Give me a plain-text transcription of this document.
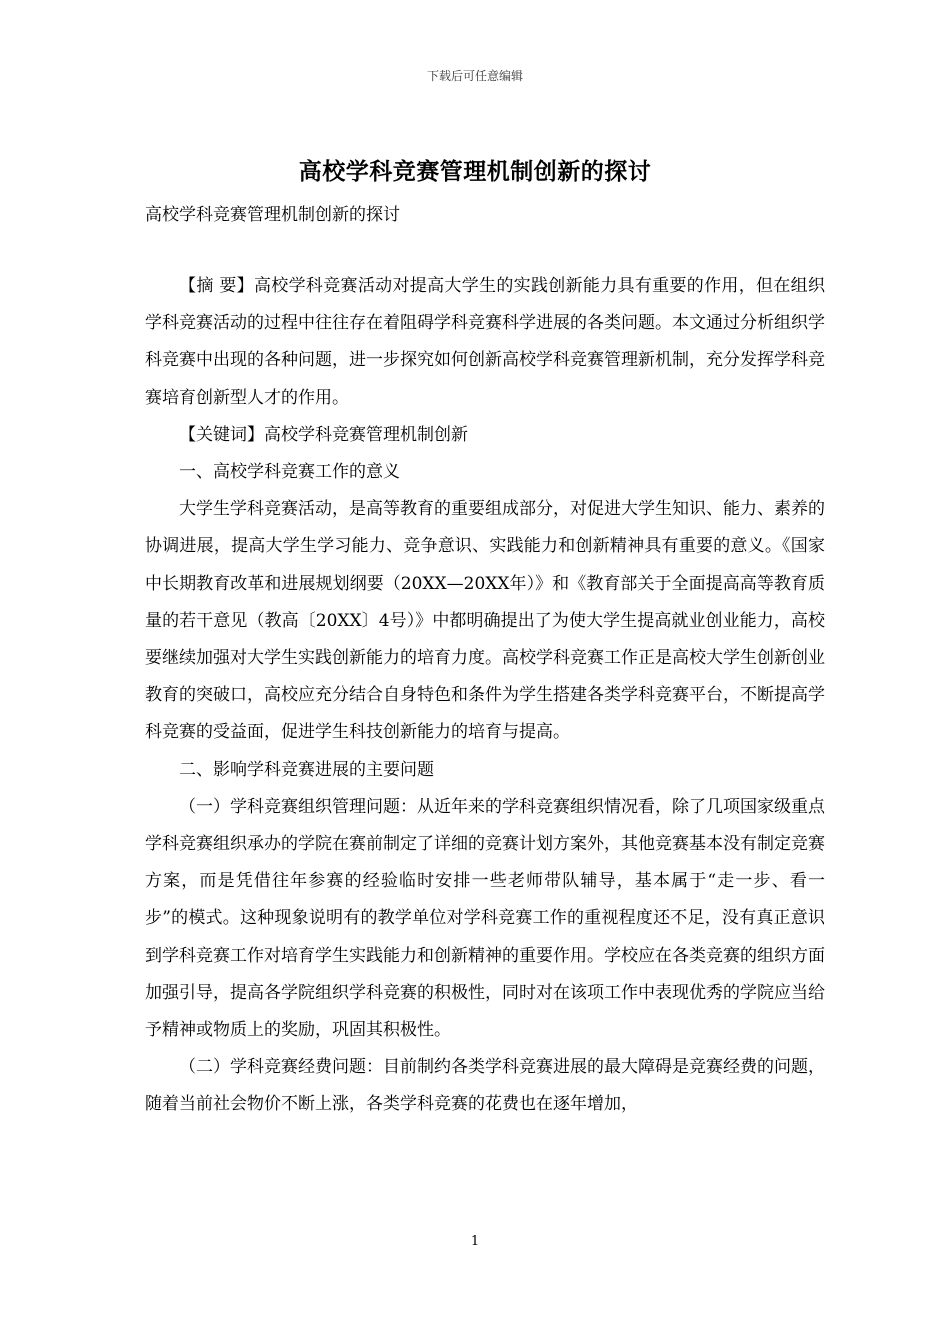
下载后可任意编辑
高校学科竞赛管理机制创新的探讨
高校学科竞赛管理机制创新的探讨

【摘 要】高校学科竞赛活动对提高大学生的实践创新能力具有重要的作用，但在组织学科竞赛活动的过程中往往存在着阻碍学科竞赛科学进展的各类问题。本文通过分析组织学科竞赛中出现的各种问题，进一步探究如何创新高校学科竞赛管理新机制，充分发挥学科竞赛培育创新型人才的作用。

【关键词】高校学科竞赛管理机制创新

一、高校学科竞赛工作的意义

大学生学科竞赛活动，是高等教育的重要组成部分，对促进大学生知识、能力、素养的协调进展，提高大学生学习能力、竞争意识、实践能力和创新精神具有重要的意义。《国家中长期教育改革和进展规划纲要（20XX—20XX年）》和《教育部关于全面提高高等教育质量的若干意见（教高〔20XX〕4号）》中都明确提出了为使大学生提高就业创业能力，高校要继续加强对大学生实践创新能力的培育力度。高校学科竞赛工作正是高校大学生创新创业教育的突破口，高校应充分结合自身特色和条件为学生搭建各类学科竞赛平台，不断提高学科竞赛的受益面，促进学生科技创新能力的培育与提高。

二、影响学科竞赛进展的主要问题

（一）学科竞赛组织管理问题：从近年来的学科竞赛组织情况看，除了几项国家级重点学科竞赛组织承办的学院在赛前制定了详细的竞赛计划方案外，其他竞赛基本没有制定竞赛方案，而是凭借往年参赛的经验临时安排一些老师带队辅导，基本属于“走一步、看一步”的模式。这种现象说明有的教学单位对学科竞赛工作的重视程度还不足，没有真正意识到学科竞赛工作对培育学生实践能力和创新精神的重要作用。学校应在各类竞赛的组织方面加强引导，提高各学院组织学科竞赛的积极性，同时对在该项工作中表现优秀的学院应当给予精神或物质上的奖励，巩固其积极性。

（二）学科竞赛经费问题：目前制约各类学科竞赛进展的最大障碍是竞赛经费的问题，随着当前社会物价不断上涨，各类学科竞赛的花费也在逐年增加，

1
